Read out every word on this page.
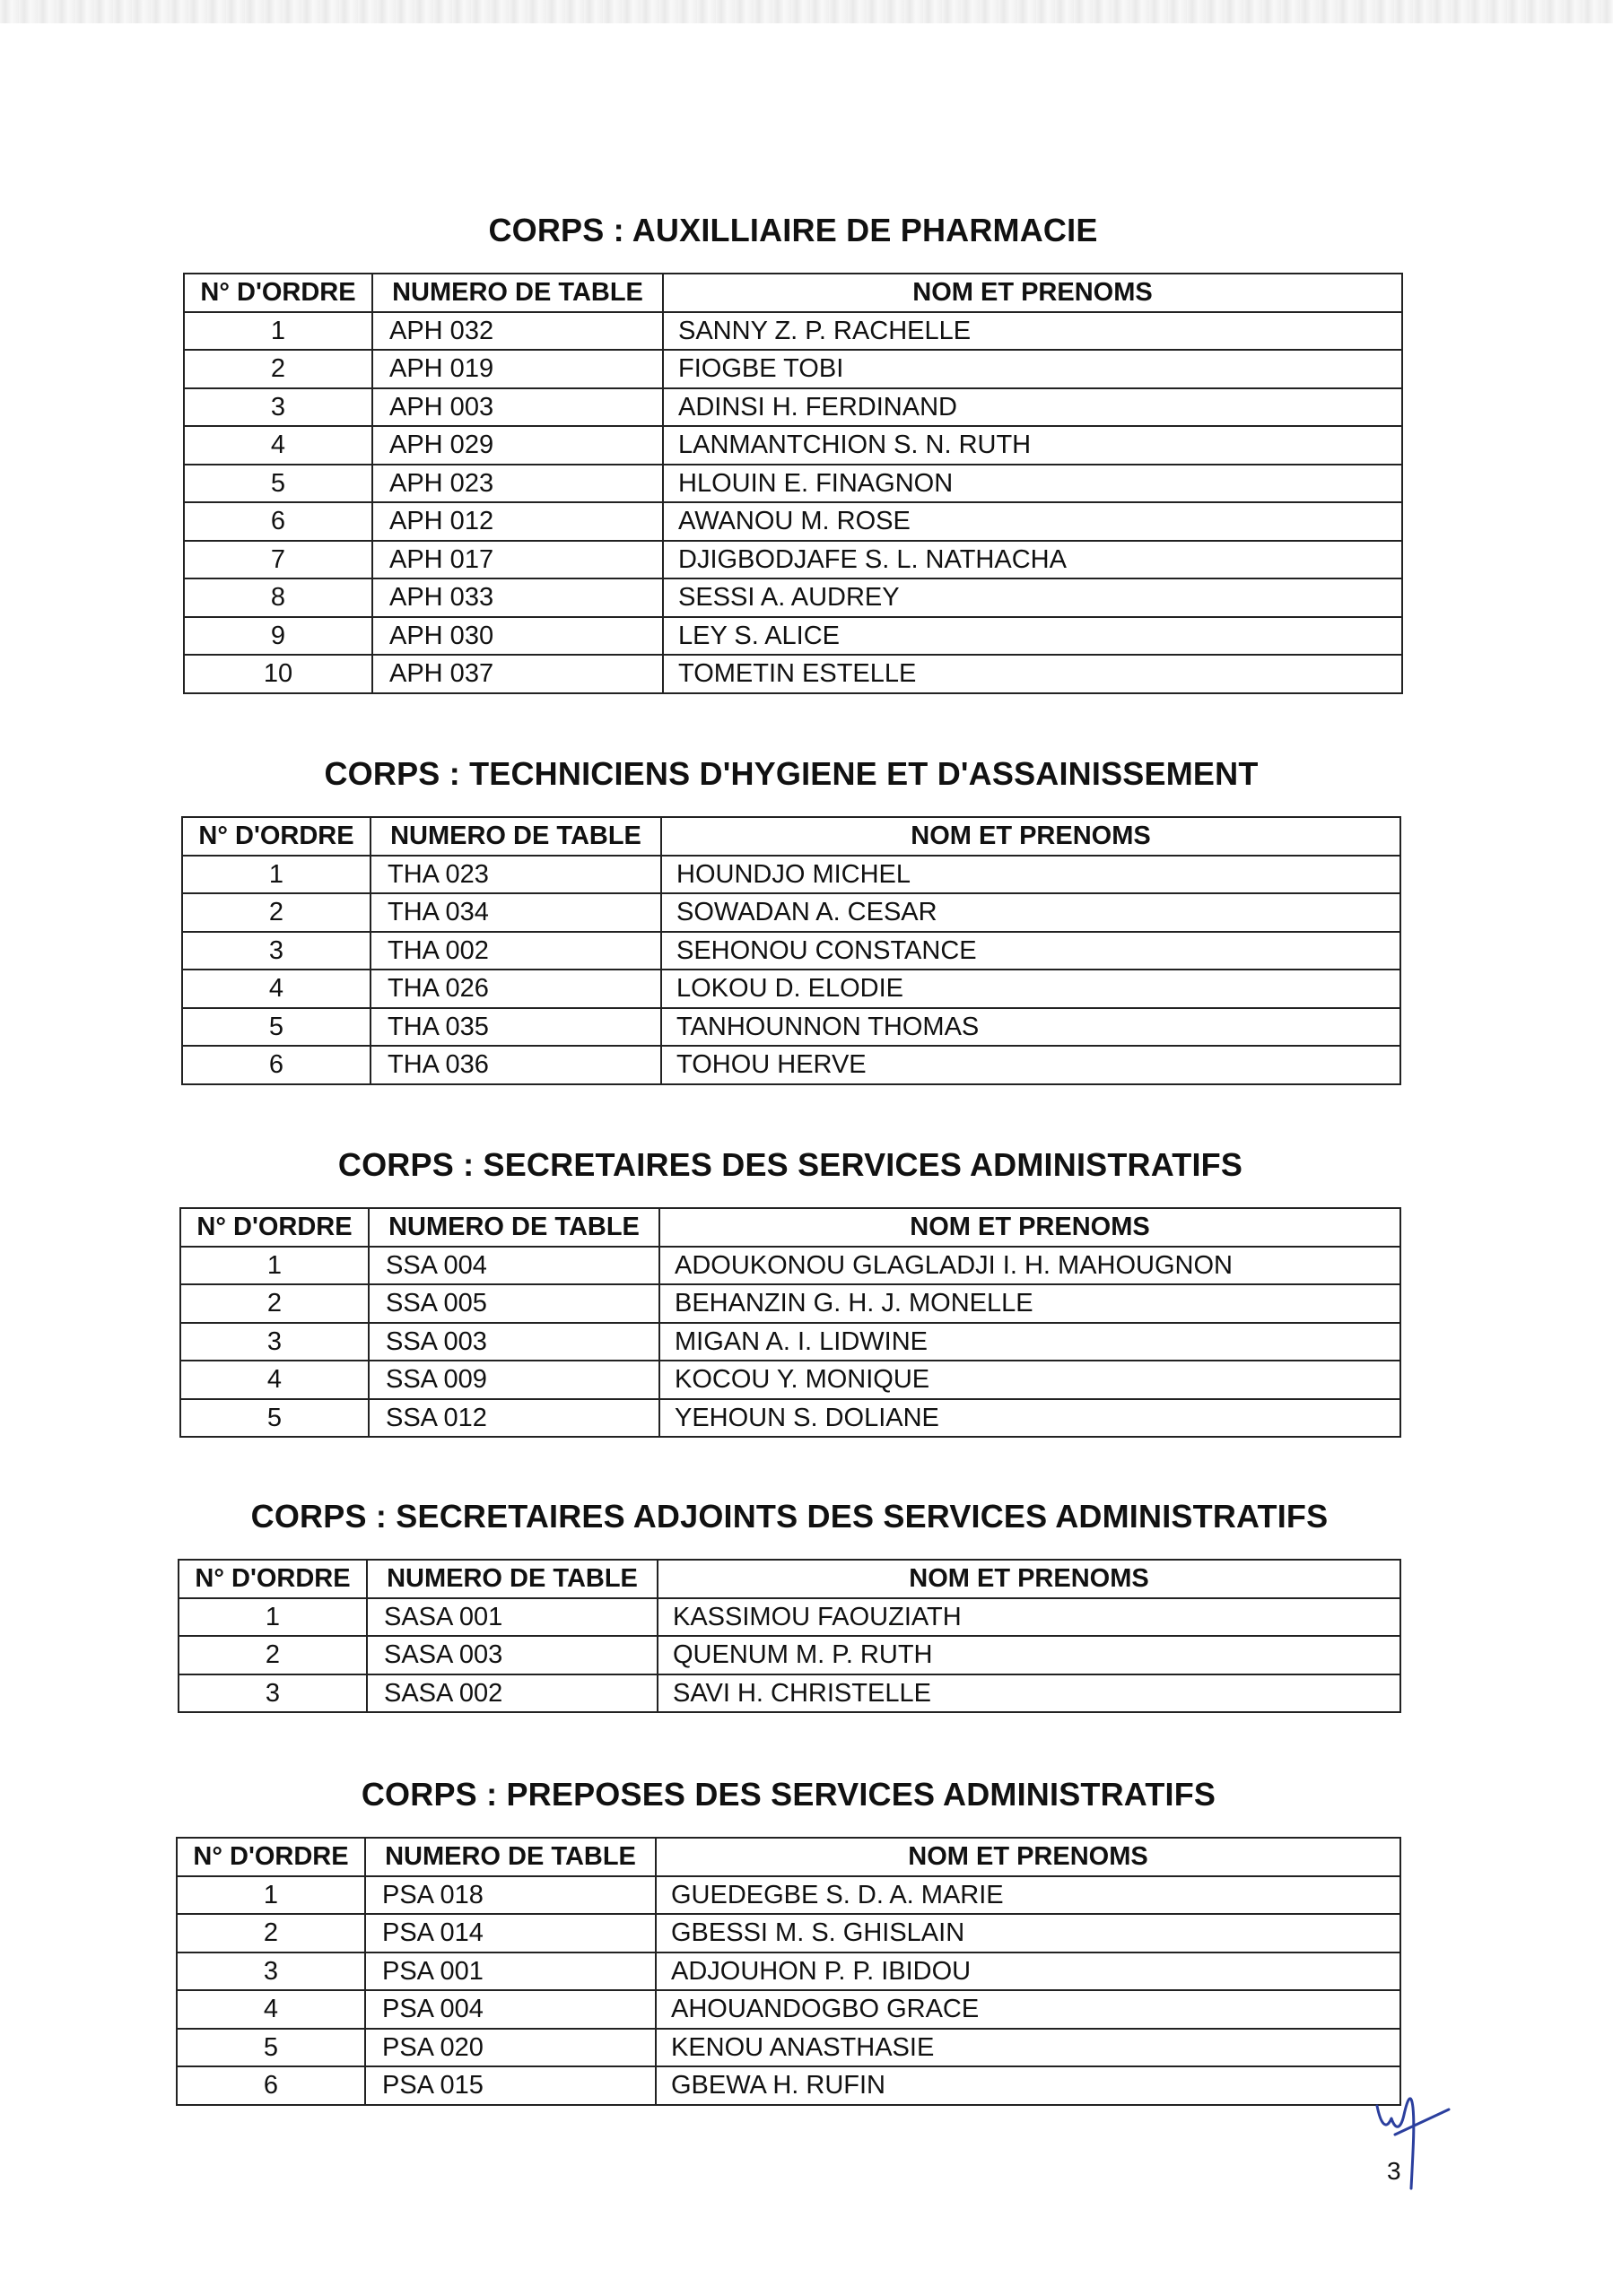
CORPS : AUXILLIAIRE DE PHARMACIE
N° D'ORDRE	NUMERO DE TABLE	NOM ET PRENOMS
1	APH 032	SANNY Z. P. RACHELLE
2	APH 019	FIOGBE TOBI
3	APH 003	ADINSI H. FERDINAND
4	APH 029	LANMANTCHION S. N. RUTH
5	APH 023	HLOUIN E. FINAGNON
6	APH 012	AWANOU M. ROSE
7	APH 017	DJIGBODJAFE S. L. NATHACHA
8	APH 033	SESSI A. AUDREY
9	APH 030	LEY S. ALICE
10	APH 037	TOMETIN ESTELLE
CORPS : TECHNICIENS D'HYGIENE ET D'ASSAINISSEMENT
N° D'ORDRE	NUMERO DE TABLE	NOM ET PRENOMS
1	THA 023	HOUNDJO MICHEL
2	THA 034	SOWADAN A. CESAR
3	THA 002	SEHONOU CONSTANCE
4	THA 026	LOKOU D. ELODIE
5	THA 035	TANHOUNNON THOMAS
6	THA 036	TOHOU HERVE
CORPS : SECRETAIRES DES SERVICES ADMINISTRATIFS
N° D'ORDRE	NUMERO DE TABLE	NOM ET PRENOMS
1	SSA 004	ADOUKONOU GLAGLADJI I. H. MAHOUGNON
2	SSA 005	BEHANZIN G. H. J. MONELLE
3	SSA 003	MIGAN A. I. LIDWINE
4	SSA 009	KOCOU Y. MONIQUE
5	SSA 012	YEHOUN S. DOLIANE
CORPS : SECRETAIRES ADJOINTS DES SERVICES ADMINISTRATIFS
N° D'ORDRE	NUMERO DE TABLE	NOM ET PRENOMS
1	SASA 001	KASSIMOU FAOUZIATH
2	SASA 003	QUENUM M. P. RUTH
3	SASA 002	SAVI H. CHRISTELLE
CORPS : PREPOSES DES SERVICES ADMINISTRATIFS
N° D'ORDRE	NUMERO DE TABLE	NOM ET PRENOMS
1	PSA 018	GUEDEGBE S. D. A. MARIE
2	PSA 014	GBESSI M. S. GHISLAIN
3	PSA 001	ADJOUHON P. P. IBIDOU
4	PSA 004	AHOUANDOGBO GRACE
5	PSA 020	KENOU ANASTHASIE
6	PSA 015	GBEWA H. RUFIN
3
